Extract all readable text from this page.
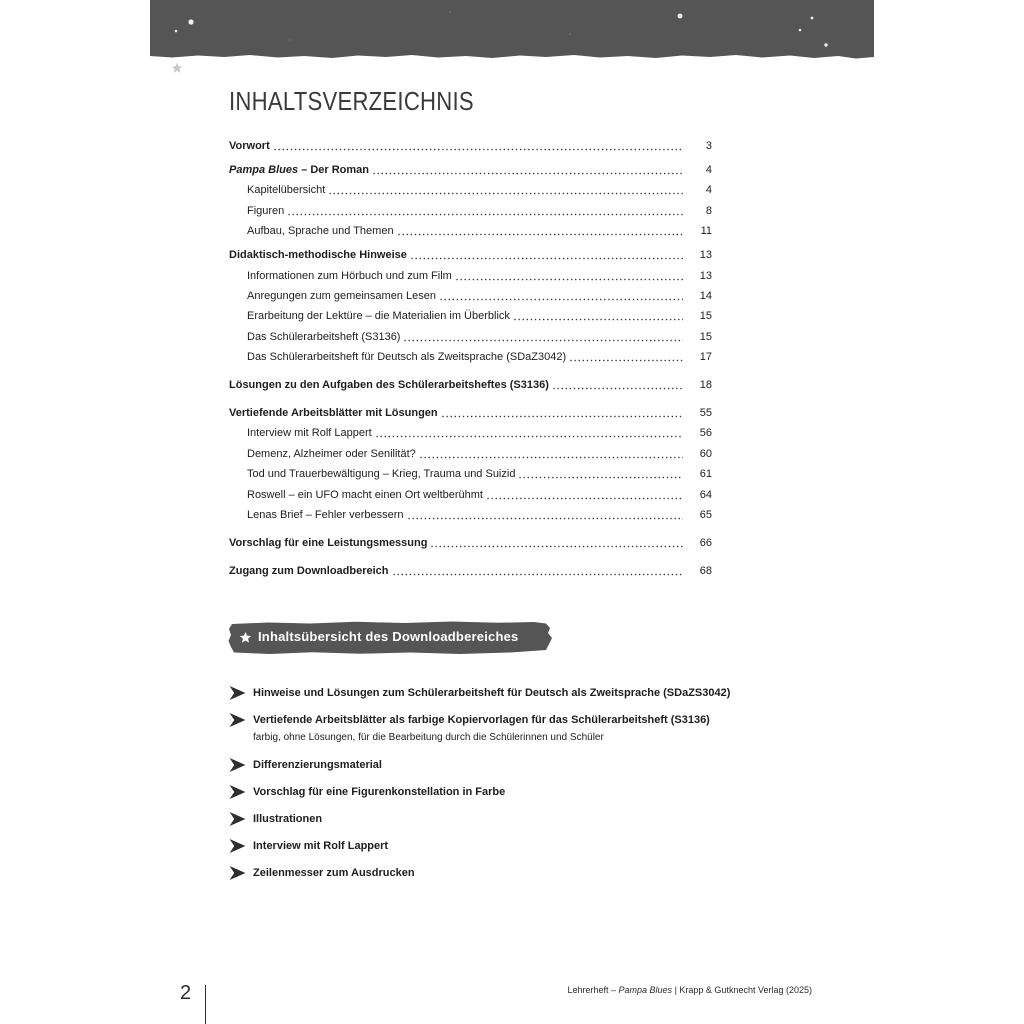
INHALTSVERZEICHNIS
Vorwort	3
Pampa Blues – Der Roman	4
Kapitelübersicht	4
Figuren	8
Aufbau, Sprache und Themen	11
Didaktisch-methodische Hinweise	13
Informationen zum Hörbuch und zum Film	13
Anregungen zum gemeinsamen Lesen	14
Erarbeitung der Lektüre – die Materialien im Überblick	15
Das Schülerarbeitsheft (S3136)	15
Das Schülerarbeitsheft für Deutsch als Zweitsprache (SDaZ3042)	17
Lösungen zu den Aufgaben des Schülerarbeitsheftes (S3136)	18
Vertiefende Arbeitsblätter mit Lösungen	55
Interview mit Rolf Lappert	56
Demenz, Alzheimer oder Senilität?	60
Tod und Trauerbewältigung – Krieg, Trauma und Suizid	61
Roswell – ein UFO macht einen Ort weltberühmt	64
Lenas Brief – Fehler verbessern	65
Vorschlag für eine Leistungsmessung	66
Zugang zum Downloadbereich	68
Inhaltsübersicht des Downloadbereiches
Hinweise und Lösungen zum Schülerarbeitsheft für Deutsch als Zweitsprache (SDaZS3042)
Vertiefende Arbeitsblätter als farbige Kopiervorlagen für das Schülerarbeitsheft (S3136)
farbig, ohne Lösungen, für die Bearbeitung durch die Schülerinnen und Schüler
Differenzierungsmaterial
Vorschlag für eine Figurenkonstellation in Farbe
Illustrationen
Interview mit Rolf Lappert
Zeilenmesser zum Ausdrucken
2	Lehrerheft – Pampa Blues | Krapp & Gutknecht Verlag (2025)
